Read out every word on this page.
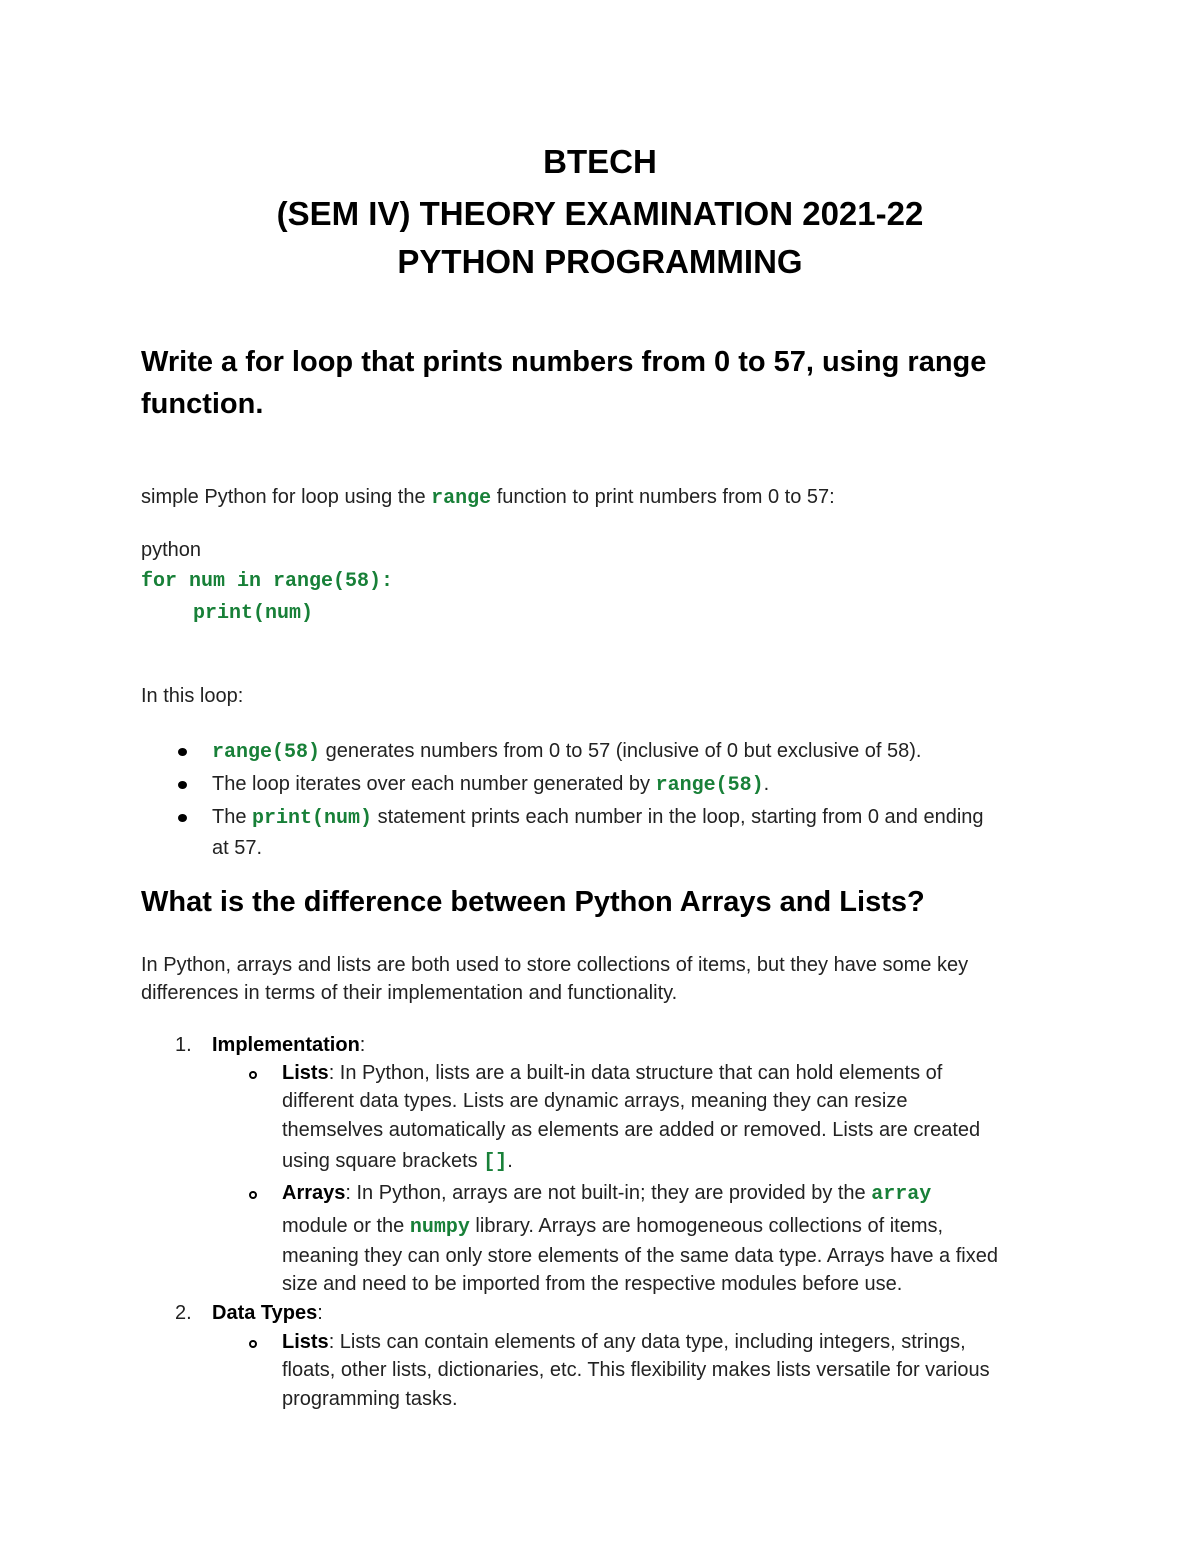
BTECH
(SEM IV) THEORY EXAMINATION 2021-22
PYTHON PROGRAMMING
Write a for loop that prints numbers from 0 to 57, using range
function.
simple Python for loop using the range function to print numbers from 0 to 57:
python
for num in range(58):
print(num)
In this loop:
range(58) generates numbers from 0 to 57 (inclusive of 0 but exclusive of 58).
The loop iterates over each number generated by range(58).
The print(num) statement prints each number in the loop, starting from 0 and ending
at 57.
What is the difference between Python Arrays and Lists?
In Python, arrays and lists are both used to store collections of items, but they have some key
differences in terms of their implementation and functionality.
1. Implementation:
Lists: In Python, lists are a built-in data structure that can hold elements of
different data types. Lists are dynamic arrays, meaning they can resize
themselves automatically as elements are added or removed. Lists are created
using square brackets [].
Arrays: In Python, arrays are not built-in; they are provided by the array
module or the numpy library. Arrays are homogeneous collections of items,
meaning they can only store elements of the same data type. Arrays have a fixed
size and need to be imported from the respective modules before use.
2. Data Types:
Lists: Lists can contain elements of any data type, including integers, strings,
floats, other lists, dictionaries, etc. This flexibility makes lists versatile for various
programming tasks.
